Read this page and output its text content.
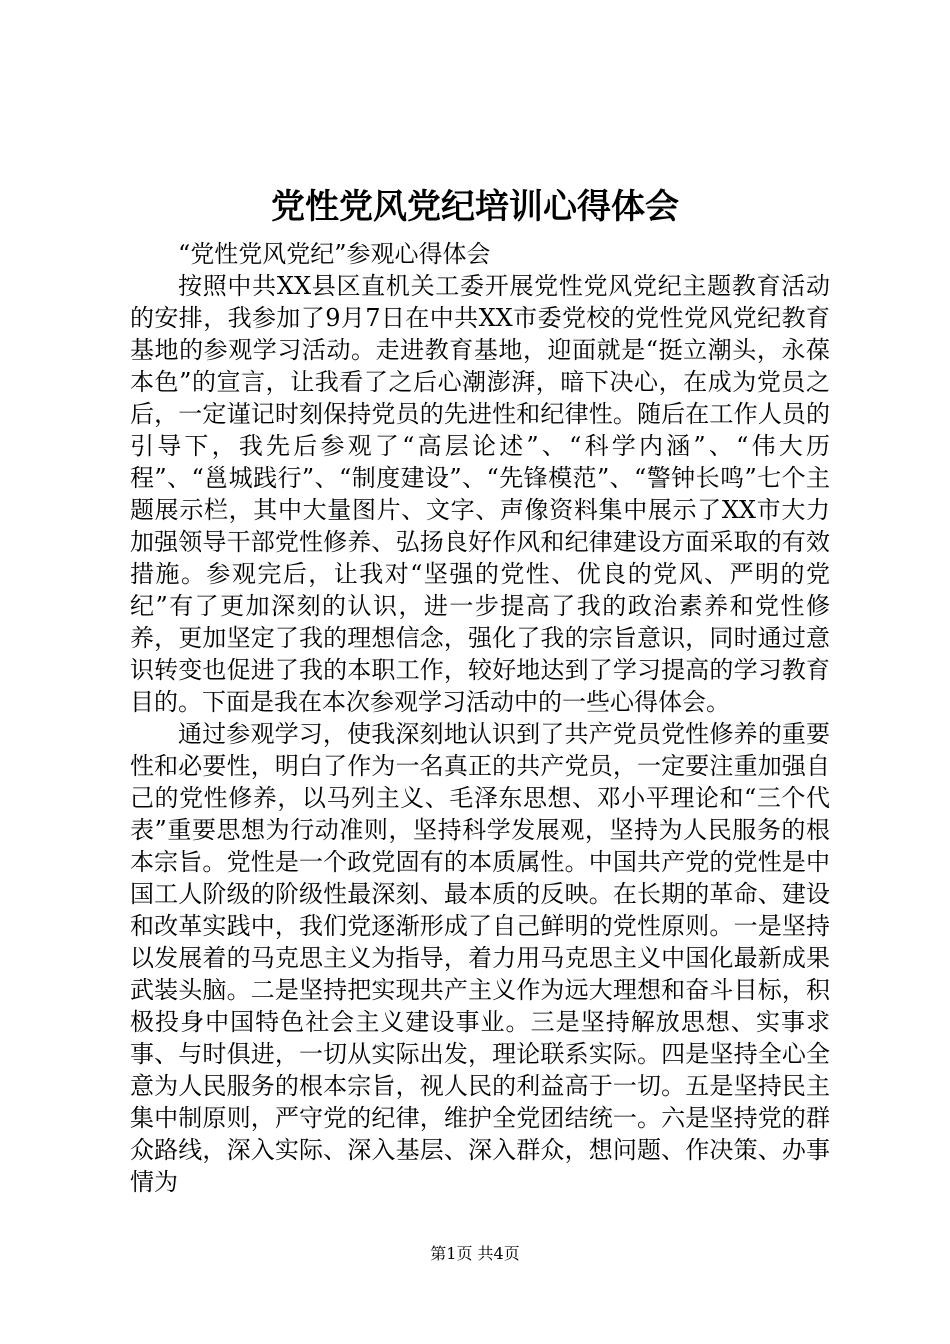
党性党风党纪培训心得体会

“党性党风党纪”参观心得体会

按照中共XX县区直机关工委开展党性党风党纪主题教育活动的安排，我参加了9月7日在中共XX市委党校的党性党风党纪教育基地的参观学习活动。走进教育基地，迎面就是“挺立潮头，永葆本色”的宣言，让我看了之后心潮澎湃，暗下决心，在成为党员之后，一定谨记时刻保持党员的先进性和纪律性。随后在工作人员的引导下，我先后参观了“高层论述”、“科学内涵”、“伟大历程”、“邕城践行”、“制度建设”、“先锋模范”、“警钟长鸣”七个主题展示栏，其中大量图片、文字、声像资料集中展示了XX市大力加强领导干部党性修养、弘扬良好作风和纪律建设方面采取的有效措施。参观完后，让我对“坚强的党性、优良的党风、严明的党纪”有了更加深刻的认识，进一步提高了我的政治素养和党性修养，更加坚定了我的理想信念，强化了我的宗旨意识，同时通过意识转变也促进了我的本职工作，较好地达到了学习提高的学习教育目的。下面是我在本次参观学习活动中的一些心得体会。

通过参观学习，使我深刻地认识到了共产党员党性修养的重要性和必要性，明白了作为一名真正的共产党员，一定要注重加强自己的党性修养，以马列主义、毛泽东思想、邓小平理论和“三个代表”重要思想为行动准则，坚持科学发展观，坚持为人民服务的根本宗旨。党性是一个政党固有的本质属性。中国共产党的党性是中国工人阶级的阶级性最深刻、最本质的反映。在长期的革命、建设和改革实践中，我们党逐渐形成了自己鲜明的党性原则。一是坚持以发展着的马克思主义为指导，着力用马克思主义中国化最新成果武装头脑。二是坚持把实现共产主义作为远大理想和奋斗目标，积极投身中国特色社会主义建设事业。三是坚持解放思想、实事求事、与时俱进，一切从实际出发，理论联系实际。四是坚持全心全意为人民服务的根本宗旨，视人民的利益高于一切。五是坚持民主集中制原则，严守党的纪律，维护全党团结统一。六是坚持党的群众路线，深入实际、深入基层、深入群众，想问题、作决策、办事情为

第1页 共4页
